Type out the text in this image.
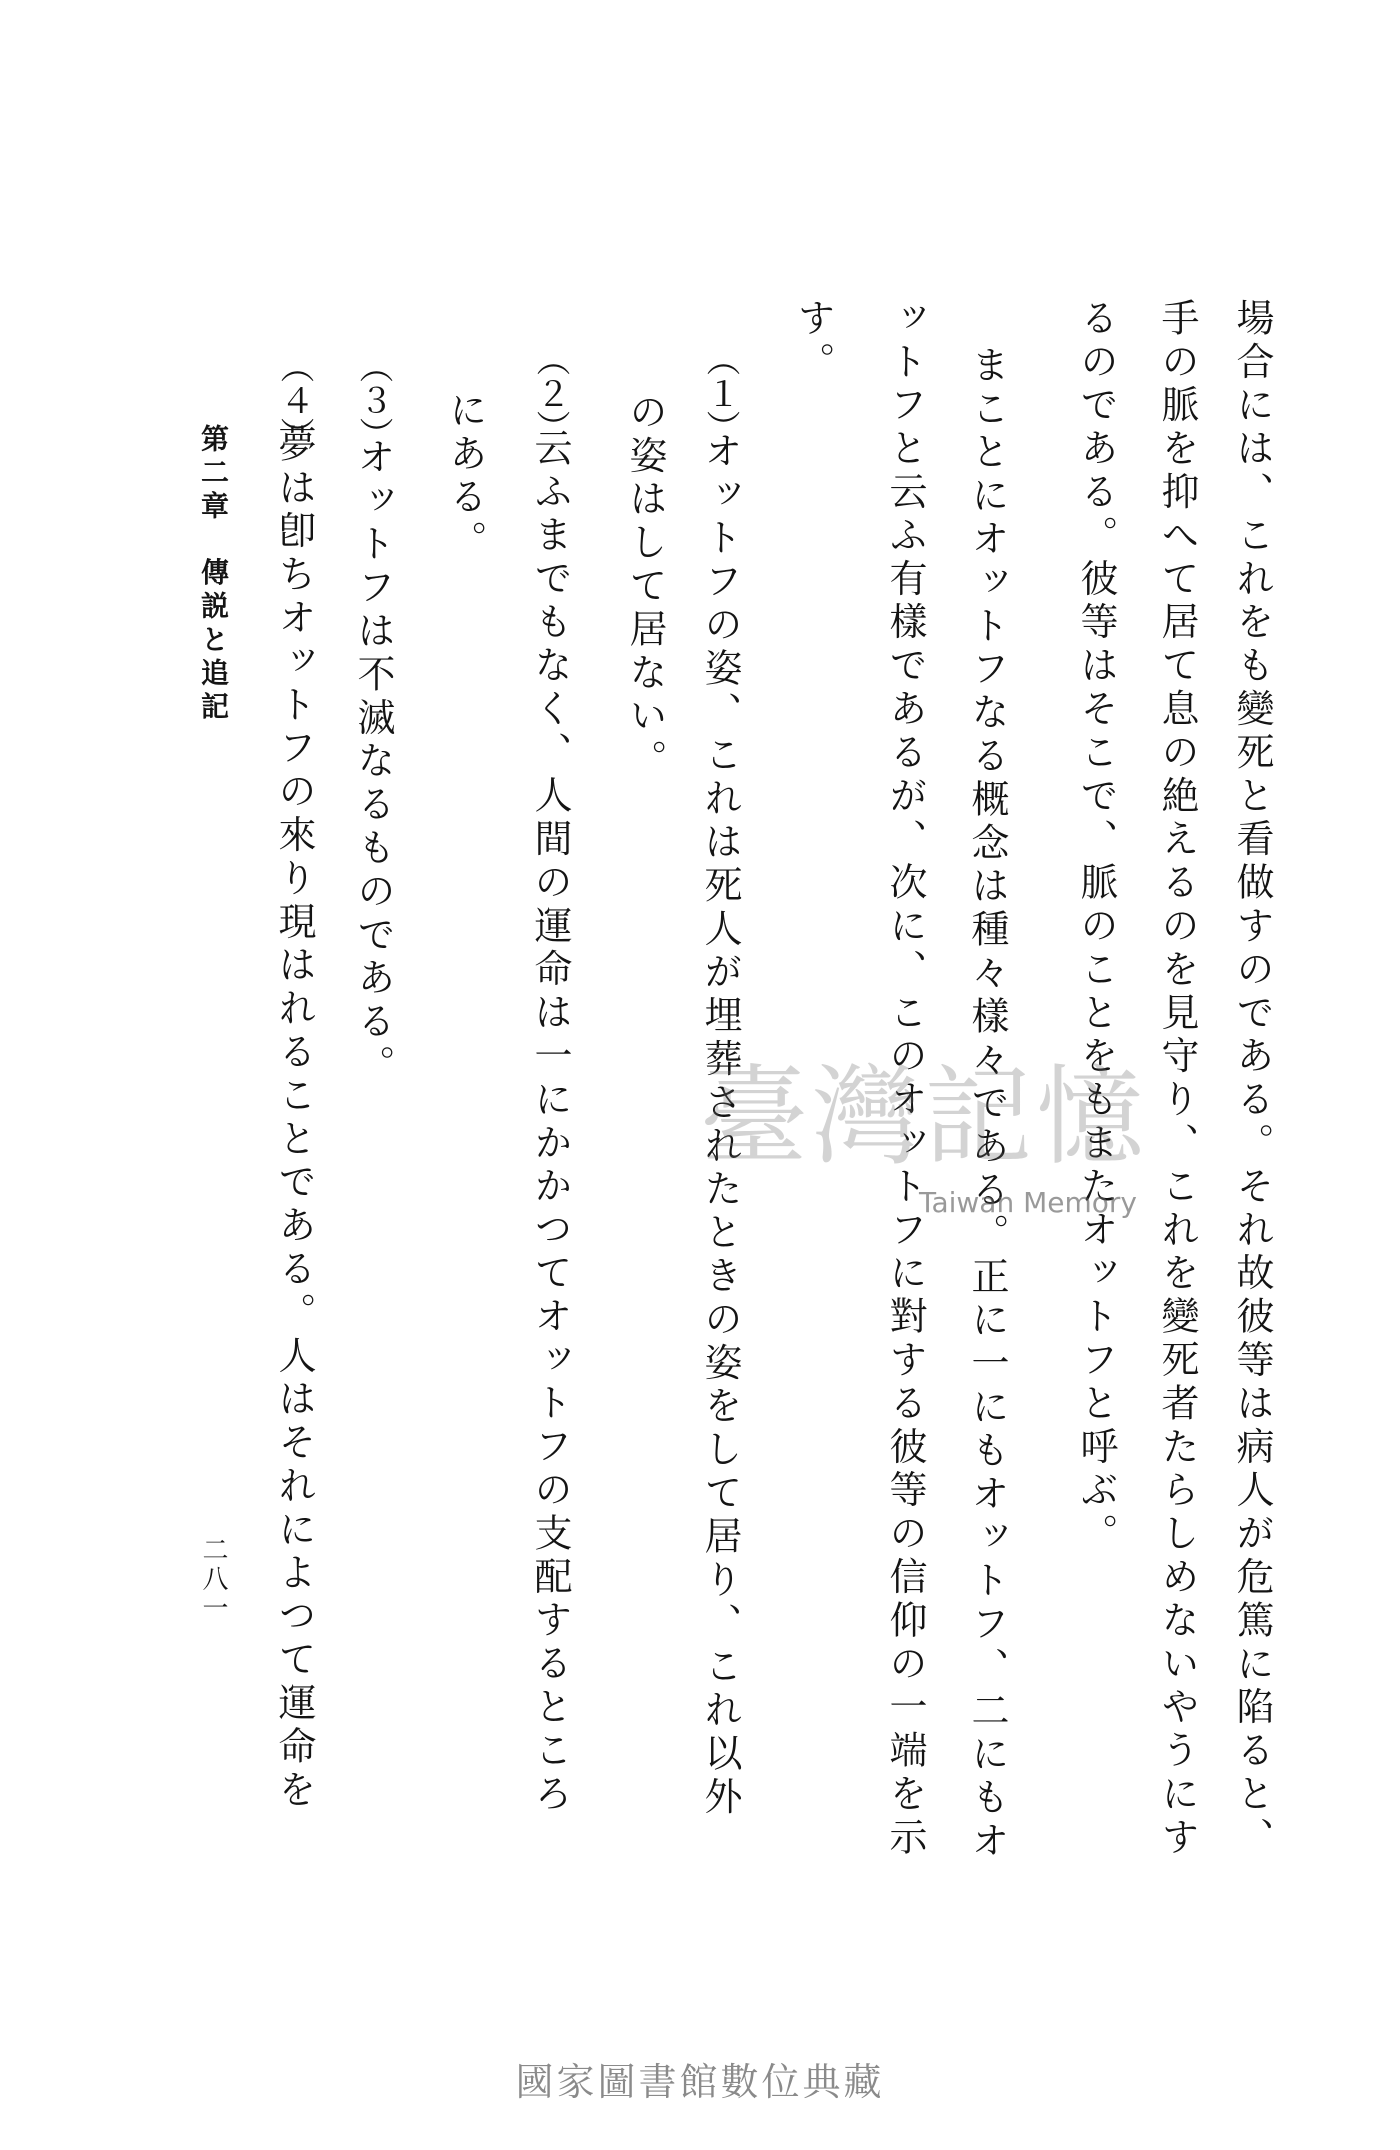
場合には、これをも變死と看做すのである。それ故彼等は病人が危篤に陷ると、
手の脈を抑へて居て息の絶えるのを見守り、これを變死者たらしめないやうにす
るのである。彼等はそこで、脈のことをもまたオットフと呼ぶ。
まことにオットフなる概念は種々樣々である。正に一にもオットフ、二にもオ
ットフと云ふ有樣であるが、次に、このオットフに對する彼等の信仰の一端を示
す。
（１）
オットフの姿、これは死人が埋葬されたときの姿をして居り、これ以外
の姿はして居ない。
（２）
云ふまでもなく、人間の運命は一にかかつてオットフの支配するところ
にある。
（３）
オットフは不滅なるものである。
（４）
夢は卽ちオットフの來り現はれることである。人はそれによつて運命を
第二章　傳説と追記
二八一
臺灣記憶
Taiwan Memory
國家圖書館數位典藏
